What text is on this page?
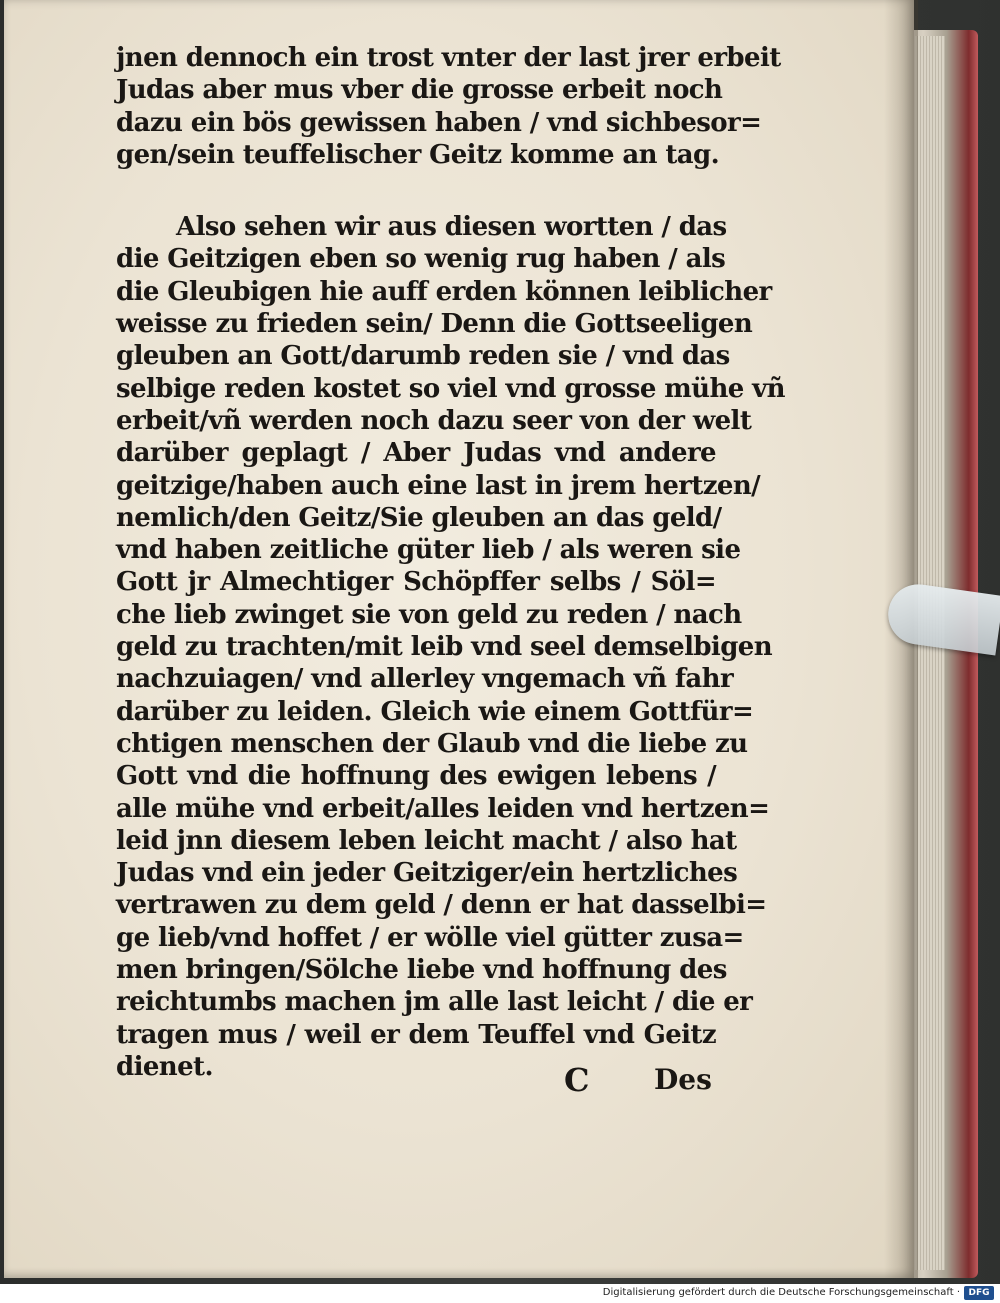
jnen dennoch ein trost vnter der last jrer erbeit
Judas aber mus vber die grosse erbeit noch
dazu ein bös gewissen haben / vnd sichbesor=
gen/sein teuffelischer Geitz komme an tag.
Also sehen wir aus diesen wortten / das
die Geitzigen eben so wenig rug haben / als
die Gleubigen hie auff erden können leiblicher
weisse zu frieden sein/ Denn die Gottseeligen
gleuben an Gott/darumb reden sie / vnd das
selbige reden kostet so viel vnd grosse mühe vñ
erbeit/vñ werden noch dazu seer von der welt
darüber geplagt / Aber Judas vnd andere
geitzige/haben auch eine last in jrem hertzen/
nemlich/den Geitz/Sie gleuben an das geld/
vnd haben zeitliche güter lieb / als weren sie
Gott jr Almechtiger Schöpffer selbs / Söl=
che lieb zwinget sie von geld zu reden / nach
geld zu trachten/mit leib vnd seel demselbigen
nachzuiagen/ vnd allerley vngemach vñ fahr
darüber zu leiden. Gleich wie einem Gottfür=
chtigen menschen der Glaub vnd die liebe zu
Gott vnd die hoffnung des ewigen lebens /
alle mühe vnd erbeit/alles leiden vnd hertzen=
leid jnn diesem leben leicht macht / also hat
Judas vnd ein jeder Geitziger/ein hertzliches
vertrawen zu dem geld / denn er hat dasselbi=
ge lieb/vnd hoffet / er wölle viel gütter zusa=
men bringen/Sölche liebe vnd hoffnung des
reichtumbs machen jm alle last leicht / die er
tragen mus / weil er dem Teuffel vnd Geitz
dienet.	C Des
Digitalisierung gefördert durch die Deutsche Forschungsgemeinschaft · DFG
